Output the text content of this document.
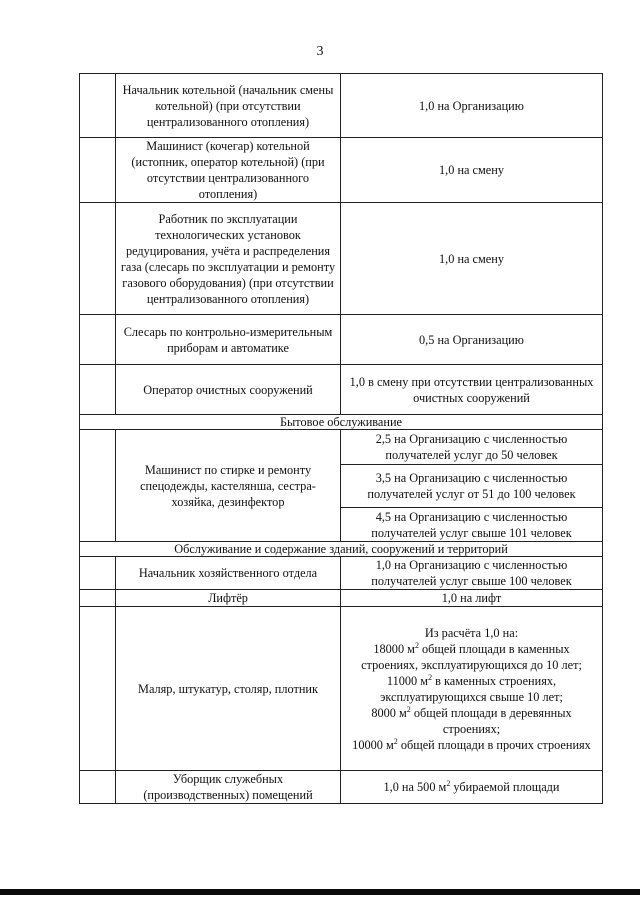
3
	Начальник котельной (начальник смены котельной) (при отсутствии централизованного отопления)	1,0 на Организацию
	Машинист (кочегар) котельной (истопник, оператор котельной) (при отсутствии централизованного отопления)	1,0 на смену
	Работник по эксплуатации технологических установок редуцирования, учёта и распределения газа (слесарь по эксплуатации и ремонту газового оборудования) (при отсутствии централизованного отопления)	1,0 на смену
	Слесарь по контрольно-измерительным приборам и автоматике	0,5 на Организацию
	Оператор очистных сооружений	1,0 в смену при отсутствии централизованных очистных сооружений
Бытовое обслуживание		
	Машинист по стирке и ремонту спецодежды, кастелянша, сестра-хозяйка, дезинфектор	2,5 на Организацию с численностью получателей услуг до 50 человек
		3,5 на Организацию с численностью получателей услуг от 51 до 100 человек
		4,5 на Организацию с численностью получателей услуг свыше 101 человек
Обслуживание и содержание зданий, сооружений и территорий		
	Начальник хозяйственного отдела	1,0 на Организацию с численностью получателей услуг свыше 100 человек
	Лифтёр	1,0 на лифт
	Маляр, штукатур, столяр, плотник	Из расчёта 1,0 на:
18000 $м^2$ общей площади в каменных строениях, эксплуатирующихся до 10 лет;
11000 $м^2$ в каменных строениях, эксплуатирующихся свыше 10 лет;
8000 $м^2$ общей площади в деревянных строениях;
10000 $м^2$ общей площади в прочих строениях
	Уборщик служебных (производственных) помещений	1,0 на 500 $м^2$ убираемой площади
